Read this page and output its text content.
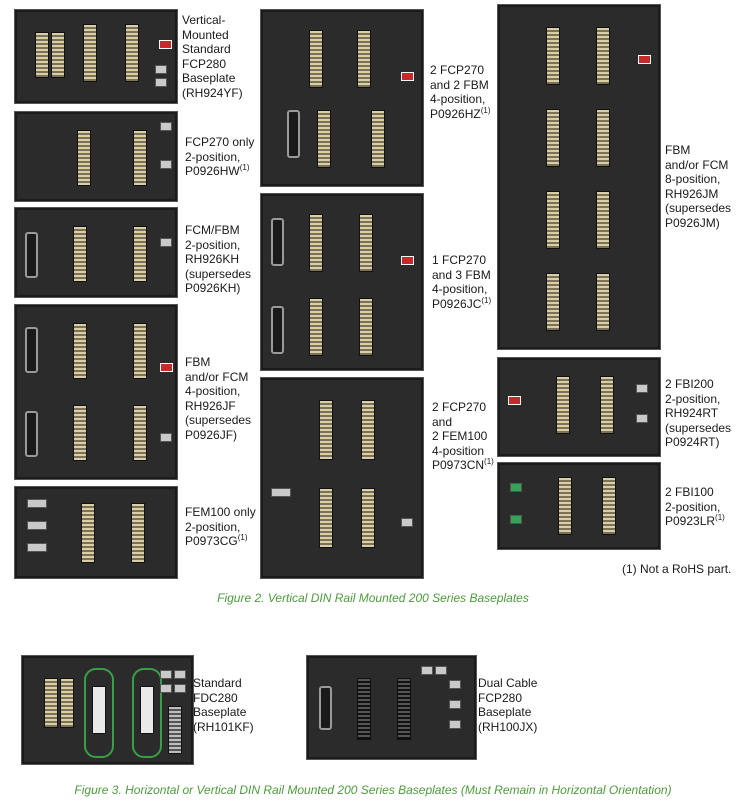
Vertical-
Mounted
Standard
FCP280
Baseplate
(RH924YF)
FCP270 only
2-position,
P0926HW$^{(1)}$
FCM/FBM
2-position,
RH926KH
(supersedes
P0926KH)
FBM
and/or FCM
4-position,
RH926JF
(supersedes
P0926JF)
FEM100 only
2-position,
P0973CG$^{(1)}$
2 FCP270
and 2 FBM
4-position,
P0926HZ$^{(1)}$
1 FCP270
and 3 FBM
4-position,
P0926JC$^{(1)}$
2 FCP270
and
2 FEM100
4-position
P0973CN$^{(1)}$
FBM
and/or FCM
8-position,
RH926JM
(supersedes
P0926JM)
2 FBI200
2-position,
RH924RT
(supersedes
P0924RT)
2 FBI100
2-position,
P0923LR$^{(1)}$
(1) Not a RoHS part.
Figure 2. Vertical DIN Rail Mounted 200 Series Baseplates
Standard
FDC280
Baseplate
(RH101KF)
Dual Cable
FCP280
Baseplate
(RH100JX)
Figure 3. Horizontal or Vertical DIN Rail Mounted 200 Series Baseplates (Must Remain in Horizontal Orientation)
